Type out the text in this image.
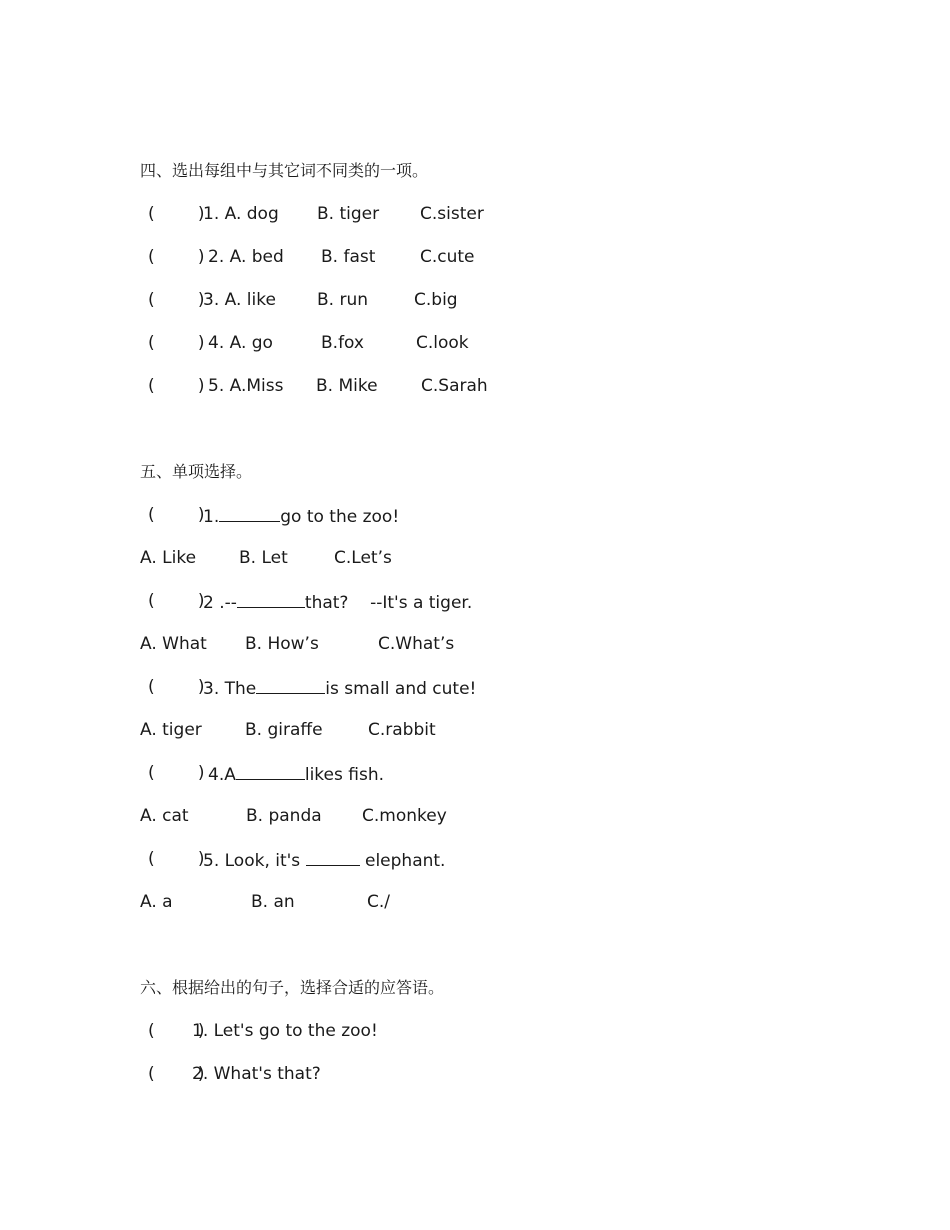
四、选出每组中与其它词不同类的一项。

(        )

1. A. dog

B. tiger

C.sister

(        )

2. A. bed

B. fast

	C.cute

(        )

3. A. like

B. run

	C.big

(        )

4. A. go

	B.fox

	C.look

(        )

5. A.Miss

B. Mike

	C.Sarah

五、单项选择。

(        )

1.	go to the zoo!

A. Like

	B. Let

	C.Let’s

(        )

2 .--	that?    --It's a tiger.

A. What

B. How’s

	C.What’s

(        )

3. The	is small and cute!

A. tiger

	B. giraffe

	C.rabbit

(        )

4.A	likes fish.

A. cat

	B. panda

C.monkey

(        )

5. Look, it's	elephant.

A. a

	B. an

	C./

六、根据给出的句子，选择合适的应答语。

(        )

1. Let's go to the zoo!

(        )

2. What's that?
